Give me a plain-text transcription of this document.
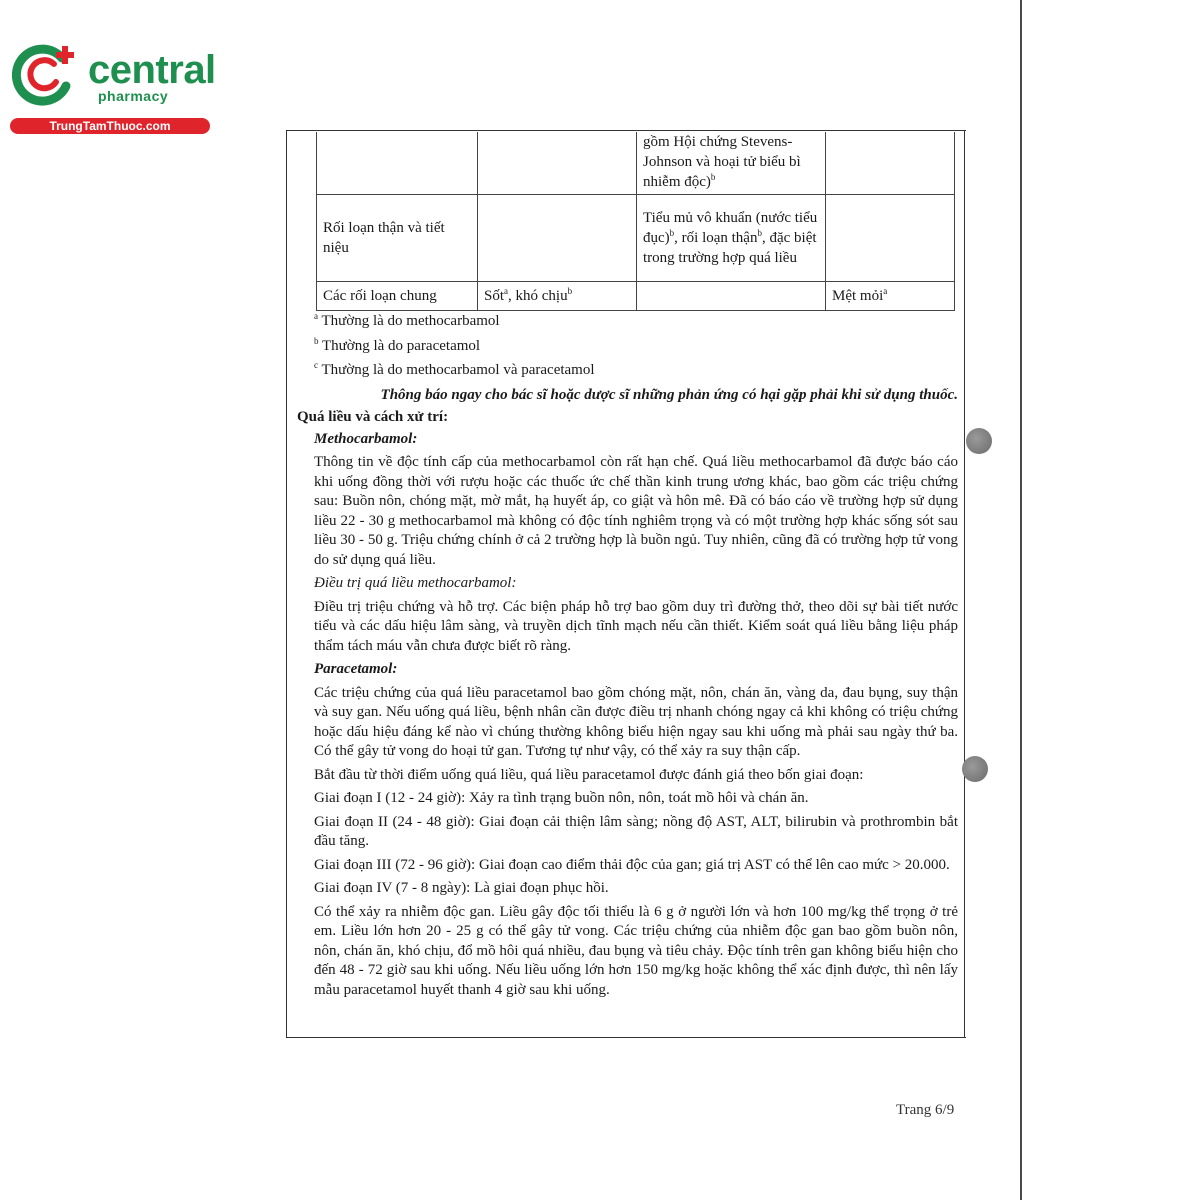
central
pharmacy
TrungTamThuoc.com
		gồm Hội chứng Stevens-Johnson và hoại tử biểu bì nhiễm độc)$^b$	
Rối loạn thận và tiết niệu		Tiểu mủ vô khuẩn (nước tiểu đục)$^b$, rối loạn thận$^b$, đặc biệt trong trường hợp quá liều	
Các rối loạn chung	Sốt$^a$, khó chịu$^b$		Mệt mỏi$^a$

$^a$ Thường là do methocarbamol

$^b$ Thường là do paracetamol

$^c$ Thường là do methocarbamol và paracetamol

Thông báo ngay cho bác sĩ hoặc dược sĩ những phản ứng có hại gặp phải khi sử dụng thuốc.

Quá liều và cách xử trí:

Methocarbamol:

Thông tin về độc tính cấp của methocarbamol còn rất hạn chế. Quá liều methocarbamol đã được báo cáo khi uống đồng thời với rượu hoặc các thuốc ức chế thần kinh trung ương khác, bao gồm các triệu chứng sau: Buồn nôn, chóng mặt, mờ mắt, hạ huyết áp, co giật và hôn mê. Đã có báo cáo về trường hợp sử dụng liều 22 - 30 g methocarbamol mà không có độc tính nghiêm trọng và có một trường hợp khác sống sót sau liều 30 - 50 g. Triệu chứng chính ở cả 2 trường hợp là buồn ngủ. Tuy nhiên, cũng đã có trường hợp tử vong do sử dụng quá liều.

Điều trị quá liều methocarbamol:

Điều trị triệu chứng và hỗ trợ. Các biện pháp hỗ trợ bao gồm duy trì đường thở, theo dõi sự bài tiết nước tiểu và các dấu hiệu lâm sàng, và truyền dịch tĩnh mạch nếu cần thiết. Kiểm soát quá liều bằng liệu pháp thẩm tách máu vẫn chưa được biết rõ ràng.

Paracetamol:

Các triệu chứng của quá liều paracetamol bao gồm chóng mặt, nôn, chán ăn, vàng da, đau bụng, suy thận và suy gan. Nếu uống quá liều, bệnh nhân cần được điều trị nhanh chóng ngay cả khi không có triệu chứng hoặc dấu hiệu đáng kể nào vì chúng thường không biểu hiện ngay sau khi uống mà phải sau ngày thứ ba. Có thể gây tử vong do hoại tử gan. Tương tự như vậy, có thể xảy ra suy thận cấp.

Bắt đầu từ thời điểm uống quá liều, quá liều paracetamol được đánh giá theo bốn giai đoạn:

Giai đoạn I (12 - 24 giờ): Xảy ra tình trạng buồn nôn, nôn, toát mồ hôi và chán ăn.

Giai đoạn II (24 - 48 giờ): Giai đoạn cải thiện lâm sàng; nồng độ AST, ALT, bilirubin và prothrombin bắt đầu tăng.

Giai đoạn III (72 - 96 giờ): Giai đoạn cao điểm thải độc của gan; giá trị AST có thể lên cao mức > 20.000.

Giai đoạn IV (7 - 8 ngày): Là giai đoạn phục hồi.

Có thể xảy ra nhiễm độc gan. Liều gây độc tối thiểu là 6 g ở người lớn và hơn 100 mg/kg thể trọng ở trẻ em. Liều lớn hơn 20 - 25 g có thể gây tử vong. Các triệu chứng của nhiễm độc gan bao gồm buồn nôn, nôn, chán ăn, khó chịu, đổ mồ hôi quá nhiều, đau bụng và tiêu chảy. Độc tính trên gan không biểu hiện cho đến 48 - 72 giờ sau khi uống. Nếu liều uống lớn hơn 150 mg/kg hoặc không thể xác định được, thì nên lấy mẫu paracetamol huyết thanh 4 giờ sau khi uống.

Trang 6/9
